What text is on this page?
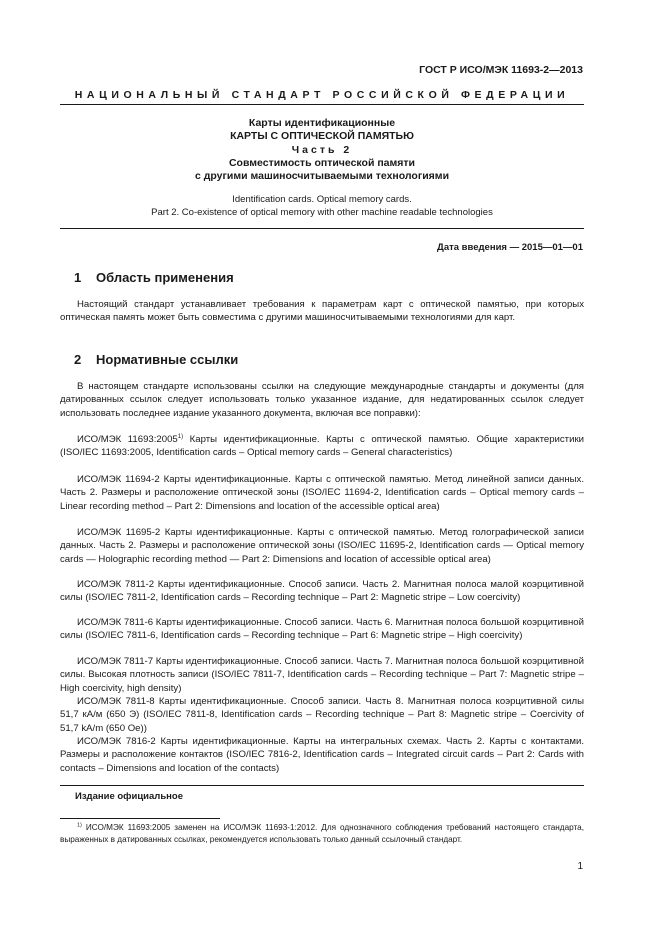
ГОСТ Р ИСО/МЭК 11693-2—2013
НАЦИОНАЛЬНЫЙ СТАНДАРТ РОССИЙСКОЙ ФЕДЕРАЦИИ
Карты идентификационные
КАРТЫ С ОПТИЧЕСКОЙ ПАМЯТЬЮ
Часть 2
Совместимость оптической памяти
с другими машиносчитываемыми технологиями
Identification cards. Optical memory cards.
Part 2. Co-existence of optical memory with other machine readable technologies
Дата введения — 2015—01—01
1 Область применения
Настоящий стандарт устанавливает требования к параметрам карт с оптической памятью, при которых оптическая память может быть совместима с другими машиносчитываемыми технологиями для карт.
2 Нормативные ссылки
В настоящем стандарте использованы ссылки на следующие международные стандарты и документы (для датированных ссылок следует использовать только указанное издание, для недатированных ссылок следует использовать последнее издание указанного документа, включая все поправки):
ИСО/МЭК 11693:2005$^{1)}$ Карты идентификационные. Карты с оптической памятью. Общие характеристики (ISO/IEC 11693:2005, Identification cards – Optical memory cards – General characteristics)
ИСО/МЭК 11694-2 Карты идентификационные. Карты с оптической памятью. Метод линейной записи данных. Часть 2. Размеры и расположение оптической зоны (ISO/IEC 11694-2, Identification cards – Optical memory cards – Linear recording method – Part 2: Dimensions and location of the accessible optical area)
ИСО/МЭК 11695-2 Карты идентификационные. Карты с оптической памятью. Метод голографической записи данных. Часть 2. Размеры и расположение оптической зоны (ISO/IEC 11695-2, Identification cards — Optical memory cards — Holographic recording method — Part 2: Dimensions and location of accessible optical area)
ИСО/МЭК 7811-2 Карты идентификационные. Способ записи. Часть 2. Магнитная полоса малой коэрцитивной силы (ISO/IEC 7811-2, Identification cards – Recording technique – Part 2: Magnetic stripe – Low coercivity)
ИСО/МЭК 7811-6 Карты идентификационные. Способ записи. Часть 6. Магнитная полоса большой коэрцитивной силы (ISO/IEC 7811-6, Identification cards – Recording technique – Part 6: Magnetic stripe – High coercivity)
ИСО/МЭК 7811-7 Карты идентификационные. Способ записи. Часть 7. Магнитная полоса большой коэрцитивной силы. Высокая плотность записи (ISO/IEC 7811-7, Identification cards – Recording technique – Part 7: Magnetic stripe – High coercivity, high density)
ИСО/МЭК 7811-8 Карты идентификационные. Способ записи. Часть 8. Магнитная полоса коэрцитивной силы 51,7 кА/м (650 Э) (ISO/IEC 7811-8, Identification cards – Recording technique – Part 8: Magnetic stripe – Coercivity of 51,7 kA/m (650 Oe))
ИСО/МЭК 7816-2 Карты идентификационные. Карты на интегральных схемах. Часть 2. Карты с контактами. Размеры и расположение контактов (ISO/IEC 7816-2, Identification cards – Integrated circuit cards – Part 2: Cards with contacts – Dimensions and location of the contacts)
Издание официальное
$^{1)}$ ИСО/МЭК 11693:2005 заменен на ИСО/МЭК 11693-1:2012. Для однозначного соблюдения требований настоящего стандарта, выраженных в датированных ссылках, рекомендуется использовать только данный ссылочный стандарт.
1
